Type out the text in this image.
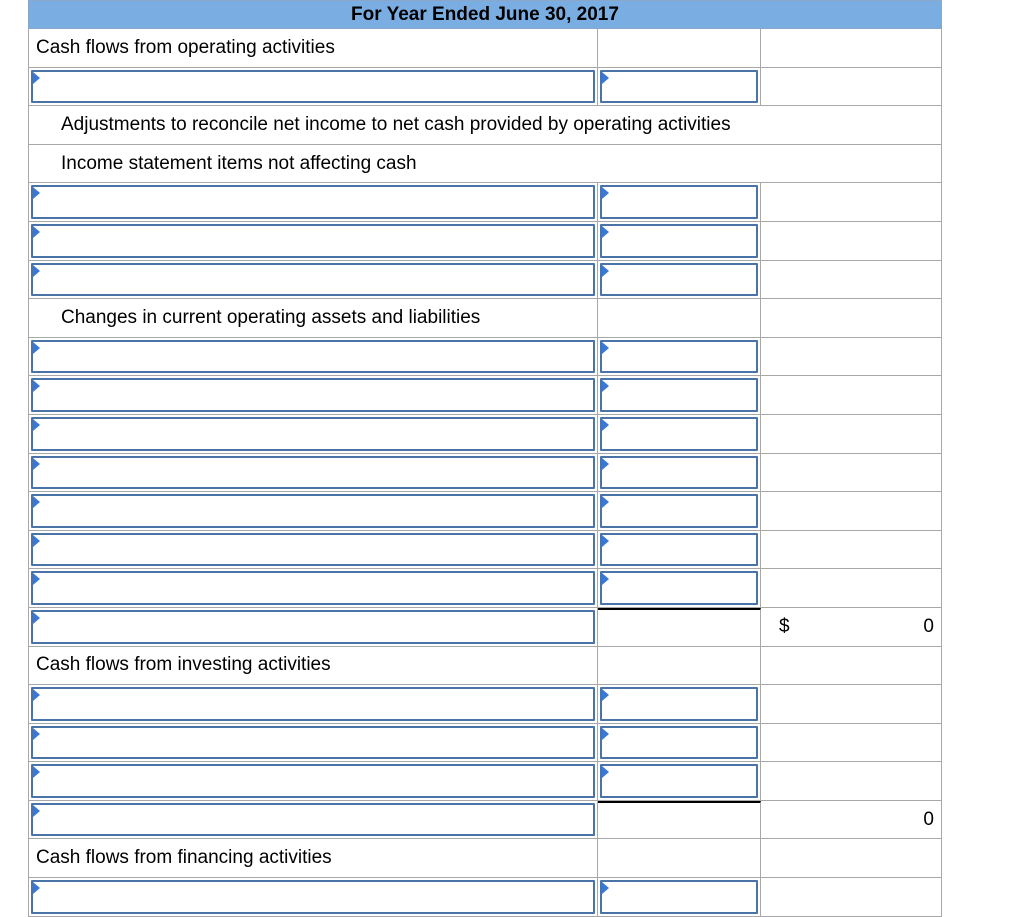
For Year Ended June 30, 2017
Cash flows from operating activities
Adjustments to reconcile net income to net cash provided by operating activities
Income statement items not affecting cash
Changes in current operating assets and liabilities
$	0
Cash flows from investing activities
0
Cash flows from financing activities
